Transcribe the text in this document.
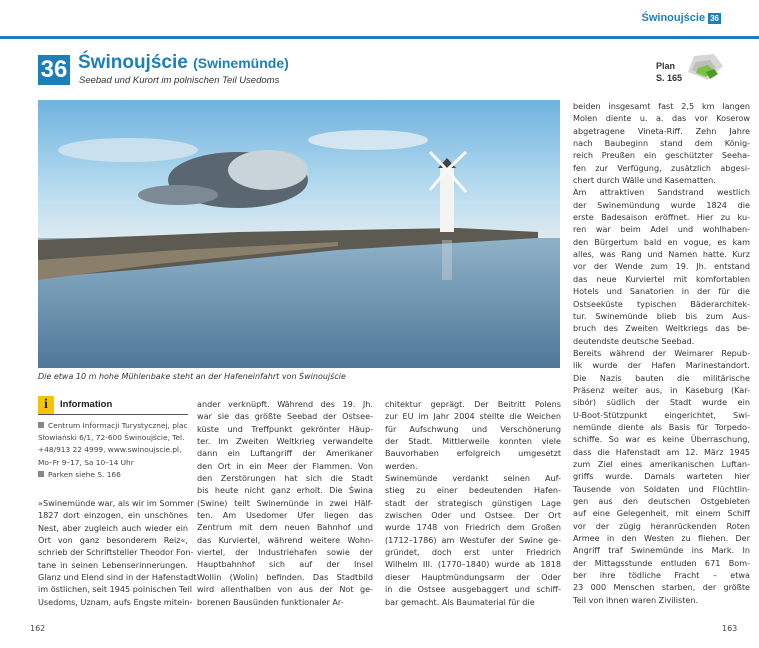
Świnoujście 36
36 Świnoujście (Swinemünde)
Seebad und Kurort im polnischen Teil Usedoms
Plan
S. 165
Die etwa 10 m hohe Mühlenbake steht an der Hafeneinfahrt von Świnoujście
i	Information
Centrum Informacji Turystycznej, plac
Słowiański 6/1, 72-600 Świnoujście, Tel.
+48/913 22 4999, www.swinoujscie.pl,
Mo–Fr 9–17, Sa 10–14 Uhr
Parken siehe S. 166
»Swinemünde war, als wir im Sommer
1827 dort einzogen, ein unschönes
Nest, aber zugleich auch wieder ein
Ort von ganz besonderem Reiz«,
schrieb der Schriftsteller Theodor Fon-
tane in seinen Lebenserinnerungen.
Glanz und Elend sind in der Hafenstadt
im östlichen, seit 1945 polnischen Teil
Usedoms, Uznam, aufs Engste mitein-
ander verknüpft. Während des 19. Jh.
war sie das größte Seebad der Ostsee-
küste und Treffpunkt gekrönter Häup-
ter. Im Zweiten Weltkrieg verwandelte
dann ein Luftangriff der Amerikaner
den Ort in ein Meer der Flammen. Von
den Zerstörungen hat sich die Stadt
bis heute nicht ganz erholt. Die Świna
(Swine) teilt Swinemünde in zwei Hälf-
ten. Am Usedomer Ufer liegen das
Zentrum mit dem neuen Bahnhof und
das Kurviertel, während weitere Wohn-
viertel, der Industriehafen sowie der
Hauptbahnhof sich auf der Insel
Wollin (Wolin) befinden. Das Stadtbild
wird allenthalben von aus der Not ge-
borenen Bausünden funktionaler Ar-
chitektur geprägt. Der Beitritt Polens
zur EU im Jahr 2004 stellte die Weichen
für Aufschwung und Verschönerung
der Stadt. Mittlerweile konnten viele
Bauvorhaben erfolgreich umgesetzt
werden.
Swinemünde verdankt seinen Auf-
stieg zu einer bedeutenden Hafen-
stadt der strategisch günstigen Lage
zwischen Oder und Ostsee. Der Ort
wurde 1748 von Friedrich dem Großen
(1712–1786) am Westufer der Swine ge-
gründet, doch erst unter Friedrich
Wilhelm III. (1770–1840) wurde ab 1818
dieser Hauptmündungsarm der Oder
in die Ostsee ausgebaggert und schiff-
bar gemacht. Als Baumaterial für die
beiden insgesamt fast 2,5 km langen
Molen diente u. a. das vor Koserow
abgetragene Vineta-Riff. Zehn Jahre
nach Baubeginn stand dem König-
reich Preußen ein geschützter Seeha-
fen zur Verfügung, zusätzlich abgesi-
chert durch Wälle und Kasematten.
Am attraktiven Sandstrand westlich
der Swinemündung wurde 1824 die
erste Badesaison eröffnet. Hier zu ku-
ren war beim Adel und wohlhaben-
den Bürgertum bald en vogue, es kam
alles, was Rang und Namen hatte. Kurz
vor der Wende zum 19. Jh. entstand
das neue Kurviertel mit komfortablen
Hotels und Sanatorien in der für die
Ostseeküste typischen Bäderarchitek-
tur. Swinemünde blieb bis zum Aus-
bruch des Zweiten Weltkriegs das be-
deutendste deutsche Seebad.
Bereits während der Weimarer Repub-
lik wurde der Hafen Marinestandort.
Die Nazis bauten die militärische
Präsenz weiter aus, in Kaseburg (Kar-
sibór) südlich der Stadt wurde ein
U-Boot-Stützpunkt eingerichtet, Swi-
nemünde diente als Basis für Torpedo-
schiffe. So war es keine Überraschung,
dass die Hafenstadt am 12. März 1945
zum Ziel eines amerikanischen Luftan-
griffs wurde. Damals warteten hier
Tausende von Soldaten und Flüchtlin-
gen aus den deutschen Ostgebieten
auf eine Gelegenheit, mit einem Schiff
vor der zügig heranrückenden Roten
Armee in den Westen zu fliehen. Der
Angriff traf Swinemünde ins Mark. In
der Mittagsstunde entluden 671 Bom-
ber ihre tödliche Fracht – etwa
23 000 Menschen starben, der größte
Teil von ihnen waren Zivilisten.
162	163
